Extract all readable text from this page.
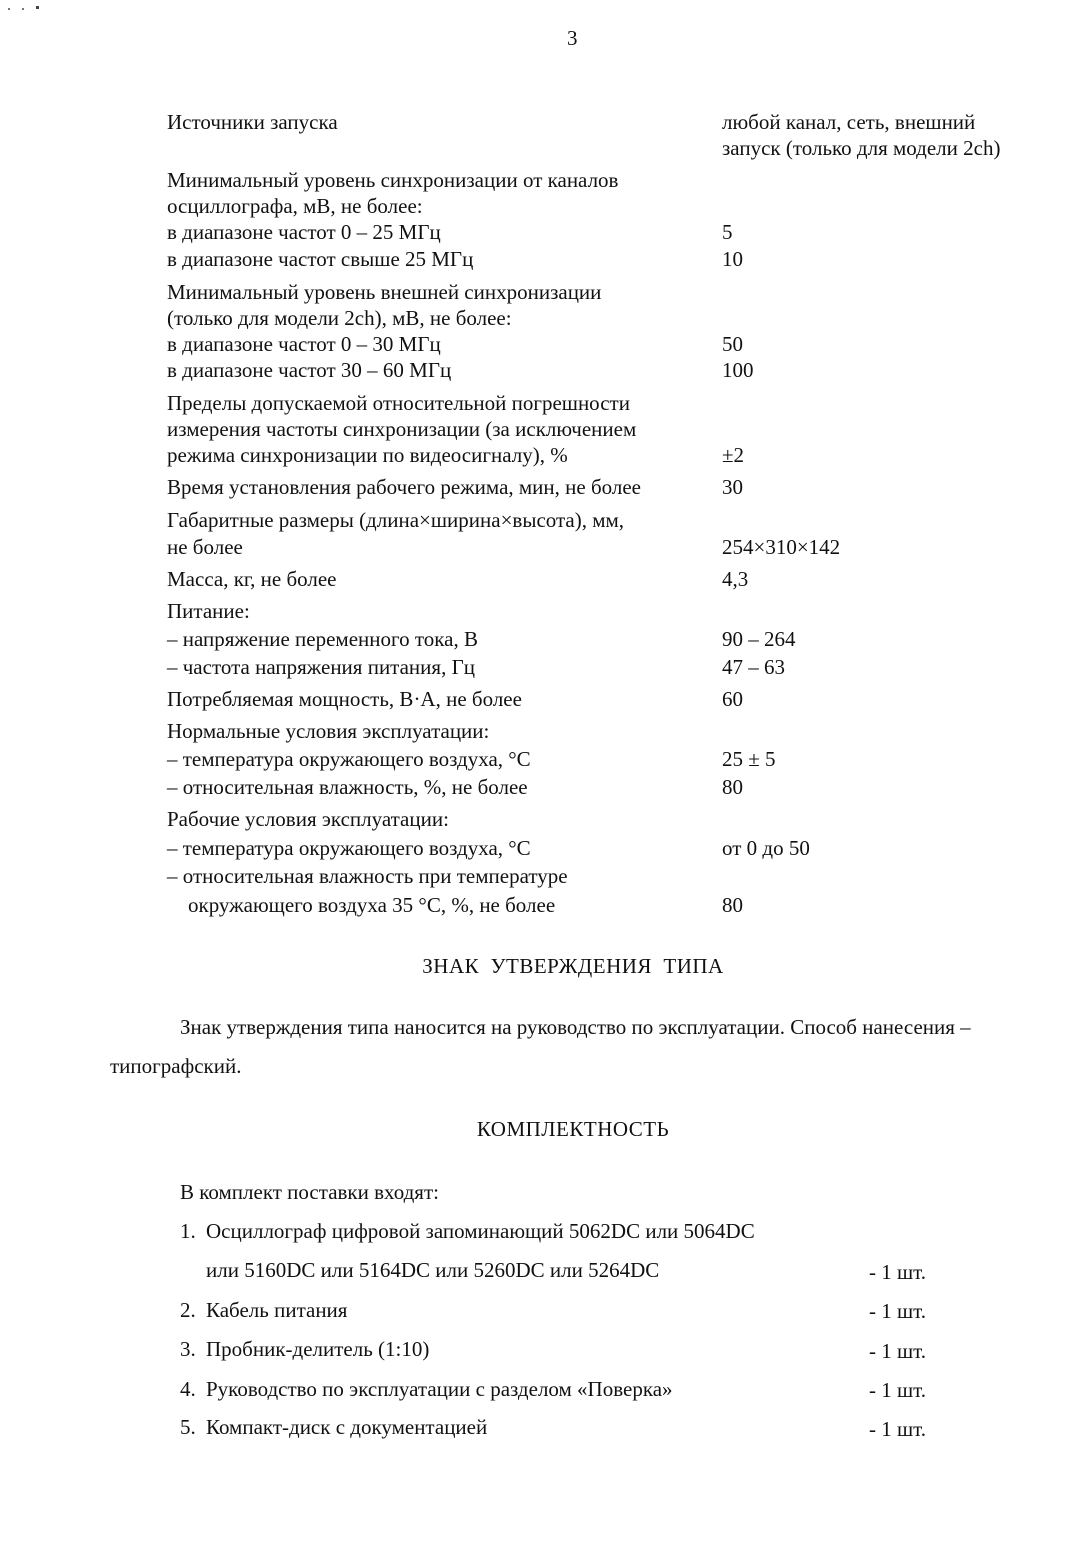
3
Источники запуска	любой канал, сеть, внешний
запуск (только для модели 2ch)
Минимальный уровень синхронизации от каналов
осциллографа, мВ, не более:
в диапазоне частот 0 – 25 МГц	5
в диапазоне частот свыше 25 МГц	10
Минимальный уровень внешней синхронизации
(только для модели 2ch), мВ, не более:
в диапазоне частот 0 – 30 МГц	50
в диапазоне частот 30 – 60 МГц	100
Пределы допускаемой относительной погрешности
измерения частоты синхронизации (за исключением
режима синхронизации по видеосигналу), %	±2
Время установления рабочего режима, мин, не более	30
Габаритные размеры (длина×ширина×высота), мм,
не более	254×310×142
Масса, кг, не более	4,3
Питание:
– напряжение переменного тока, В	90 – 264
– частота напряжения питания, Гц	47 – 63
Потребляемая мощность, В·А, не более	60
Нормальные условия эксплуатации:
– температура окружающего воздуха, °С	25 ± 5
– относительная влажность, %, не более	80
Рабочие условия эксплуатации:
– температура окружающего воздуха, °С	от 0 до 50
– относительная влажность при температуре
окружающего воздуха 35 °С, %, не более	80
ЗНАК  УТВЕРЖДЕНИЯ  ТИПА
Знак утверждения типа наносится на руководство по эксплуатации. Способ нанесения –
типографский.
КОМПЛЕКТНОСТЬ
В комплект поставки входят:
1. Осциллограф цифровой запоминающий 5062DC или 5064DC
или 5160DC или 5164DC или 5260DC или 5264DC	- 1 шт.
2. Кабель питания	- 1 шт.
3. Пробник-делитель (1:10)	- 1 шт.
4. Руководство по эксплуатации с разделом «Поверка»	- 1 шт.
5. Компакт-диск с документацией	- 1 шт.
